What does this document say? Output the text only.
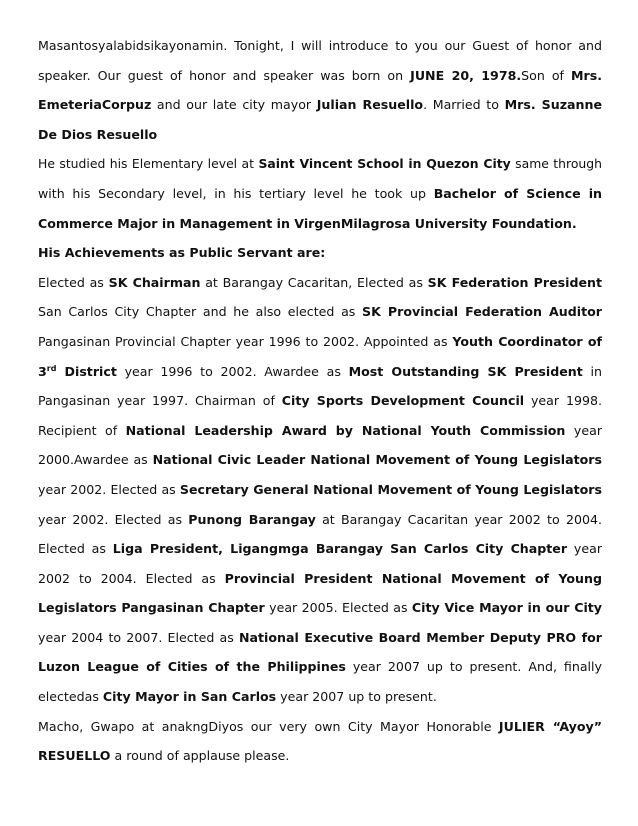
Masantosyalabidsikayonamin. Tonight, I will introduce to you our Guest of honor and
speaker. Our guest of honor and speaker was born on JUNE 20, 1978.Son of Mrs.
EmeteriaCorpuz and our late city mayor Julian Resuello. Married to Mrs. Suzanne
De Dios Resuello
He studied his Elementary level at Saint Vincent School in Quezon City same through
with his Secondary level, in his tertiary level he took up Bachelor of Science in
Commerce Major in Management in VirgenMilagrosa University Foundation.
His Achievements as Public Servant are:
Elected as SK Chairman at Barangay Cacaritan, Elected as SK Federation President
San Carlos City Chapter and he also elected as SK Provincial Federation Auditor
Pangasinan Provincial Chapter year 1996 to 2002. Appointed as Youth Coordinator of
3rd District year 1996 to 2002. Awardee as Most Outstanding SK President in
Pangasinan year 1997. Chairman of City Sports Development Council year 1998.
Recipient of National Leadership Award by National Youth Commission year
2000.Awardee as National Civic Leader National Movement of Young Legislators
year 2002. Elected as Secretary General National Movement of Young Legislators
year 2002. Elected as Punong Barangay at Barangay Cacaritan year 2002 to 2004.
Elected as Liga President, Ligangmga Barangay San Carlos City Chapter year
2002 to 2004. Elected as Provincial President National Movement of Young
Legislators Pangasinan Chapter year 2005. Elected as City Vice Mayor in our City
year 2004 to 2007. Elected as National Executive Board Member Deputy PRO for
Luzon League of Cities of the Philippines year 2007 up to present. And, finally
electedas City Mayor in San Carlos year 2007 up to present.
Macho, Gwapo at anakngDiyos our very own City Mayor Honorable JULIER “Ayoy”
RESUELLO a round of applause please.
